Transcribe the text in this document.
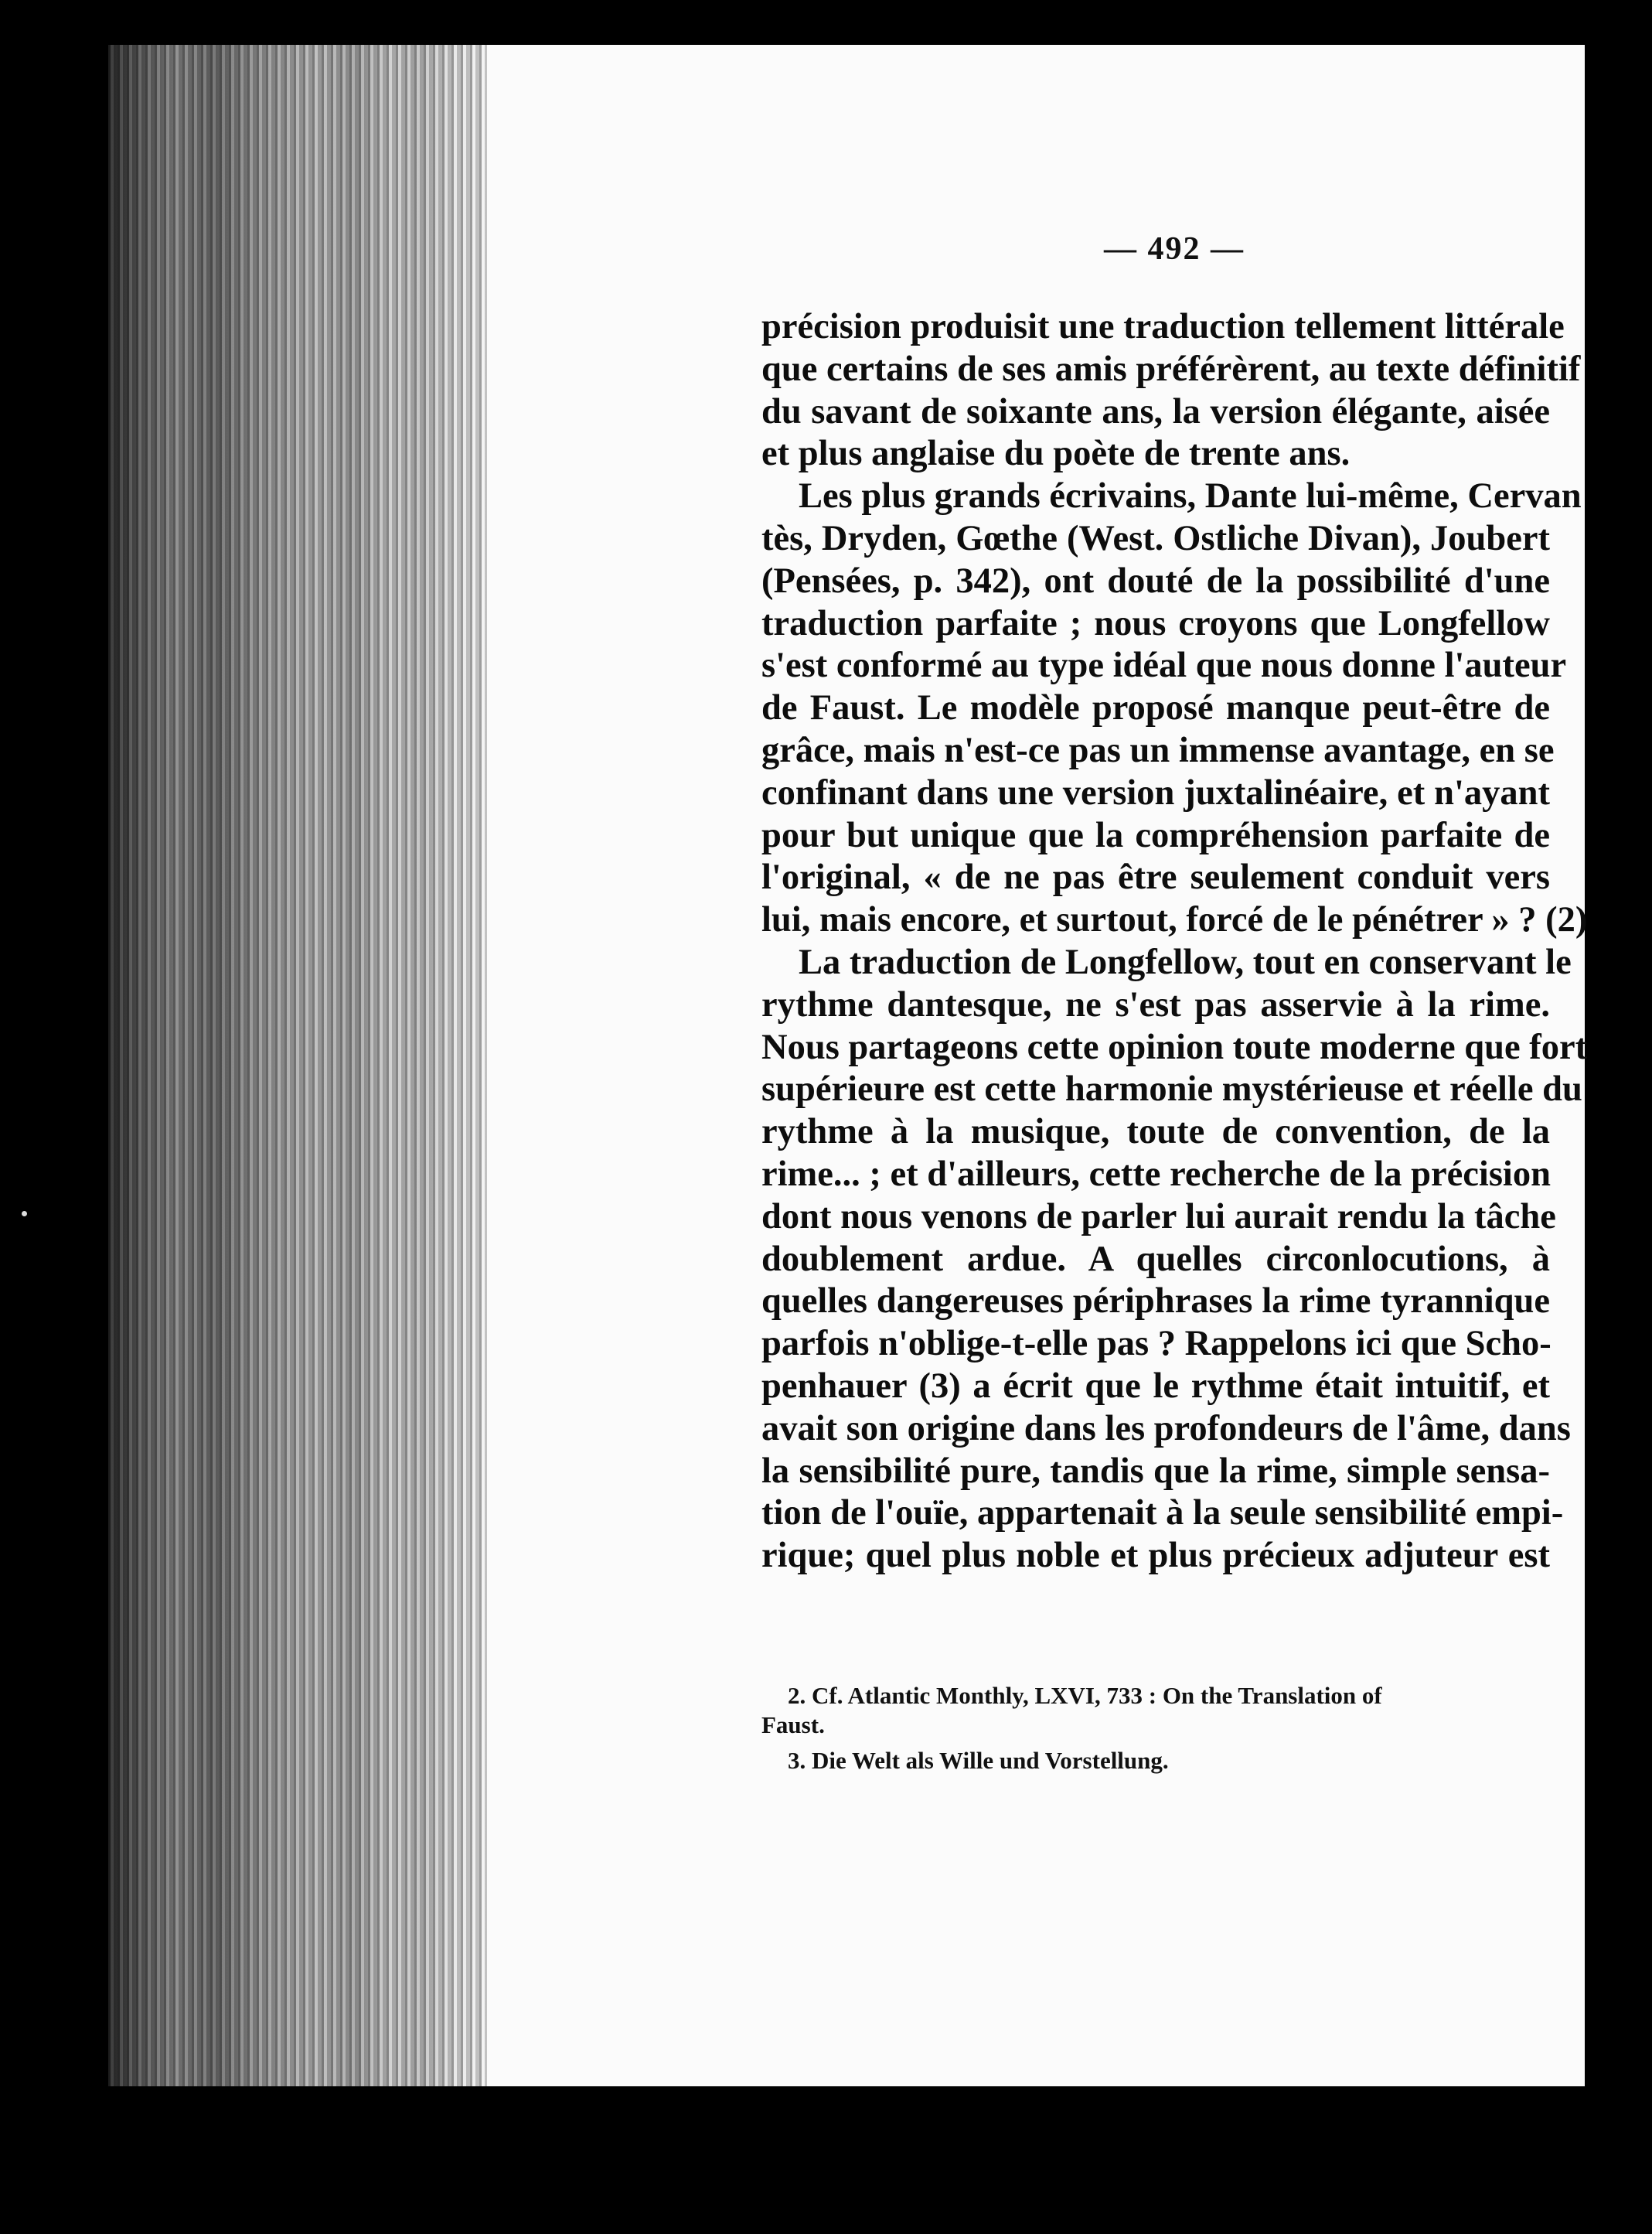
— 492 —
précision produisit une traduction tellement littérale
que certains de ses amis préférèrent, au texte définitif
du savant de soixante ans, la version élégante, aisée
et plus anglaise du poète de trente ans.
Les plus grands écrivains, Dante lui-même, Cervan
tès, Dryden, Gœthe (West. Ostliche Divan), Joubert
(Pensées, p. 342), ont douté de la possibilité d'une
traduction parfaite ; nous croyons que Longfellow
s'est conformé au type idéal que nous donne l'auteur
de Faust. Le modèle proposé manque peut-être de
grâce, mais n'est-ce pas un immense avantage, en se
confinant dans une version juxtalinéaire, et n'ayant
pour but unique que la compréhension parfaite de
l'original, « de ne pas être seulement conduit vers
lui, mais encore, et surtout, forcé de le pénétrer » ? (2)
La traduction de Longfellow, tout en conservant le
rythme dantesque, ne s'est pas asservie à la rime.
Nous partageons cette opinion toute moderne que fort
supérieure est cette harmonie mystérieuse et réelle du
rythme à la musique, toute de convention, de la
rime... ; et d'ailleurs, cette recherche de la précision
dont nous venons de parler lui aurait rendu la tâche
doublement ardue. A quelles circonlocutions, à
quelles dangereuses périphrases la rime tyrannique
parfois n'oblige-t-elle pas ? Rappelons ici que Scho-
penhauer (3) a écrit que le rythme était intuitif, et
avait son origine dans les profondeurs de l'âme, dans
la sensibilité pure, tandis que la rime, simple sensa-
tion de l'ouïe, appartenait à la seule sensibilité empi-
rique; quel plus noble et plus précieux adjuteur est
2. Cf. Atlantic Monthly, LXVI, 733 : On the Translation of
Faust.
3. Die Welt als Wille und Vorstellung.
